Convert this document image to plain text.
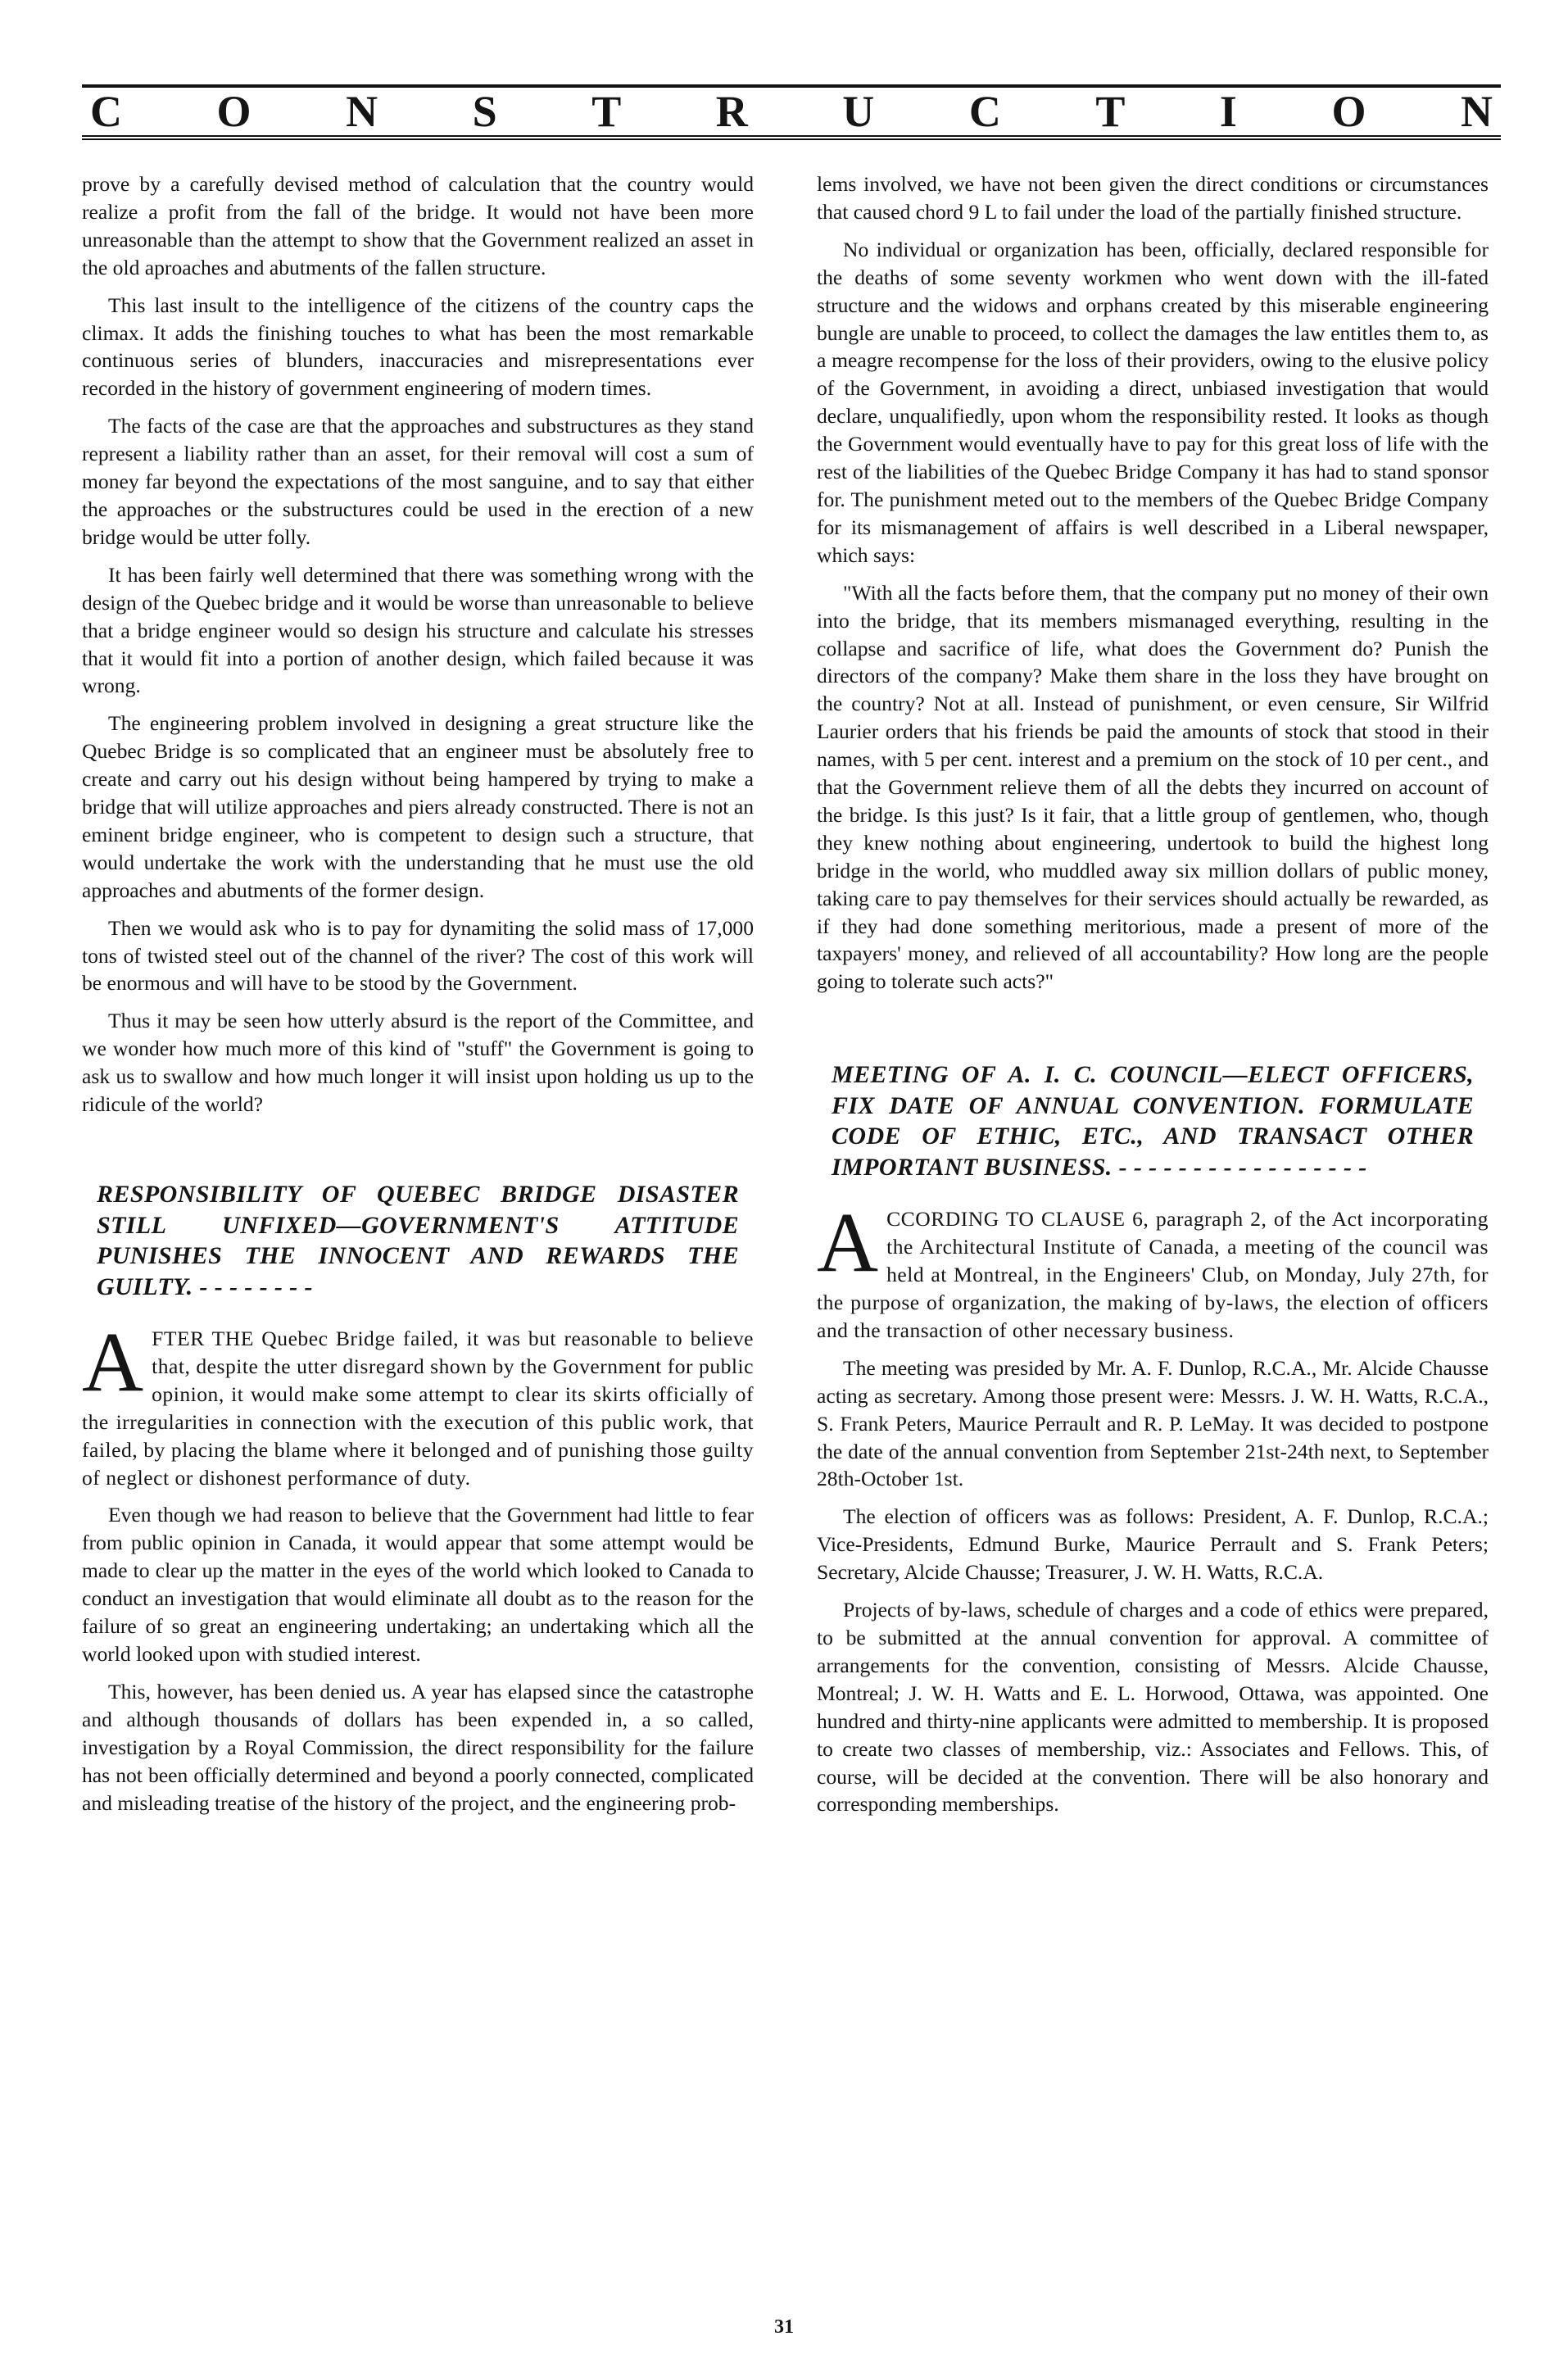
C O N S T R U C T I O N

prove by a carefully devised method of calculation that the country would realize a profit from the fall of the bridge. It would not have been more unreasonable than the attempt to show that the Government realized an asset in the old aproaches and abutments of the fallen structure.

This last insult to the intelligence of the citizens of the country caps the climax. It adds the finishing touches to what has been the most remarkable continuous series of blunders, inaccuracies and misrepresentations ever recorded in the history of government engineering of modern times.

The facts of the case are that the approaches and substructures as they stand represent a liability rather than an asset, for their removal will cost a sum of money far beyond the expectations of the most sanguine, and to say that either the approaches or the substructures could be used in the erection of a new bridge would be utter folly.

It has been fairly well determined that there was something wrong with the design of the Quebec bridge and it would be worse than unreasonable to believe that a bridge engineer would so design his structure and calculate his stresses that it would fit into a portion of another design, which failed because it was wrong.

The engineering problem involved in designing a great structure like the Quebec Bridge is so complicated that an engineer must be absolutely free to create and carry out his design without being hampered by trying to make a bridge that will utilize approaches and piers already constructed. There is not an eminent bridge engineer, who is competent to design such a structure, that would undertake the work with the understanding that he must use the old approaches and abutments of the former design.

Then we would ask who is to pay for dynamiting the solid mass of 17,000 tons of twisted steel out of the channel of the river? The cost of this work will be enormous and will have to be stood by the Government.

Thus it may be seen how utterly absurd is the report of the Committee, and we wonder how much more of this kind of "stuff" the Government is going to ask us to swallow and how much longer it will insist upon holding us up to the ridicule of the world?

RESPONSIBILITY OF QUEBEC BRIDGE DISASTER STILL UNFIXED—GOVERNMENT'S ATTITUDE PUNISHES THE INNOCENT AND REWARDS THE GUILTY. - - - - - - - -

AFTER THE Quebec Bridge failed, it was but reasonable to believe that, despite the utter disregard shown by the Government for public opinion, it would make some attempt to clear its skirts officially of the irregularities in connection with the execution of this public work, that failed, by placing the blame where it belonged and of punishing those guilty of neglect or dishonest performance of duty.

Even though we had reason to believe that the Government had little to fear from public opinion in Canada, it would appear that some attempt would be made to clear up the matter in the eyes of the world which looked to Canada to conduct an investigation that would eliminate all doubt as to the reason for the failure of so great an engineering undertaking; an undertaking which all the world looked upon with studied interest.

This, however, has been denied us. A year has elapsed since the catastrophe and although thousands of dollars has been expended in, a so called, investigation by a Royal Commission, the direct responsibility for the failure has not been officially determined and beyond a poorly connected, complicated and misleading treatise of the history of the project, and the engineering prob-

lems involved, we have not been given the direct conditions or circumstances that caused chord 9 L to fail under the load of the partially finished structure.

No individual or organization has been, officially, declared responsible for the deaths of some seventy workmen who went down with the ill-fated structure and the widows and orphans created by this miserable engineering bungle are unable to proceed, to collect the damages the law entitles them to, as a meagre recompense for the loss of their providers, owing to the elusive policy of the Government, in avoiding a direct, unbiased investigation that would declare, unqualifiedly, upon whom the responsibility rested. It looks as though the Government would eventually have to pay for this great loss of life with the rest of the liabilities of the Quebec Bridge Company it has had to stand sponsor for. The punishment meted out to the members of the Quebec Bridge Company for its mismanagement of affairs is well described in a Liberal newspaper, which says:

"With all the facts before them, that the company put no money of their own into the bridge, that its members mismanaged everything, resulting in the collapse and sacrifice of life, what does the Government do? Punish the directors of the company? Make them share in the loss they have brought on the country? Not at all. Instead of punishment, or even censure, Sir Wilfrid Laurier orders that his friends be paid the amounts of stock that stood in their names, with 5 per cent. interest and a premium on the stock of 10 per cent., and that the Government relieve them of all the debts they incurred on account of the bridge. Is this just? Is it fair, that a little group of gentlemen, who, though they knew nothing about engineering, undertook to build the highest long bridge in the world, who muddled away six million dollars of public money, taking care to pay themselves for their services should actually be rewarded, as if they had done something meritorious, made a present of more of the taxpayers' money, and relieved of all accountability? How long are the people going to tolerate such acts?"

MEETING OF A. I. C. COUNCIL—ELECT OFFICERS, FIX DATE OF ANNUAL CONVENTION. FORMULATE CODE OF ETHIC, ETC., AND TRANSACT OTHER IMPORTANT BUSINESS. - - - - - - - - - - - - - - - - -

ACCORDING TO CLAUSE 6, paragraph 2, of the Act incorporating the Architectural Institute of Canada, a meeting of the council was held at Montreal, in the Engineers' Club, on Monday, July 27th, for the purpose of organization, the making of by-laws, the election of officers and the transaction of other necessary business.

The meeting was presided by Mr. A. F. Dunlop, R.C.A., Mr. Alcide Chausse acting as secretary. Among those present were: Messrs. J. W. H. Watts, R.C.A., S. Frank Peters, Maurice Perrault and R. P. LeMay. It was decided to postpone the date of the annual convention from September 21st-24th next, to September 28th-October 1st.

The election of officers was as follows: President, A. F. Dunlop, R.C.A.; Vice-Presidents, Edmund Burke, Maurice Perrault and S. Frank Peters; Secretary, Alcide Chausse; Treasurer, J. W. H. Watts, R.C.A.

Projects of by-laws, schedule of charges and a code of ethics were prepared, to be submitted at the annual convention for approval. A committee of arrangements for the convention, consisting of Messrs. Alcide Chausse, Montreal; J. W. H. Watts and E. L. Horwood, Ottawa, was appointed. One hundred and thirty-nine applicants were admitted to membership. It is proposed to create two classes of membership, viz.: Associates and Fellows. This, of course, will be decided at the convention. There will be also honorary and corresponding memberships.

31
